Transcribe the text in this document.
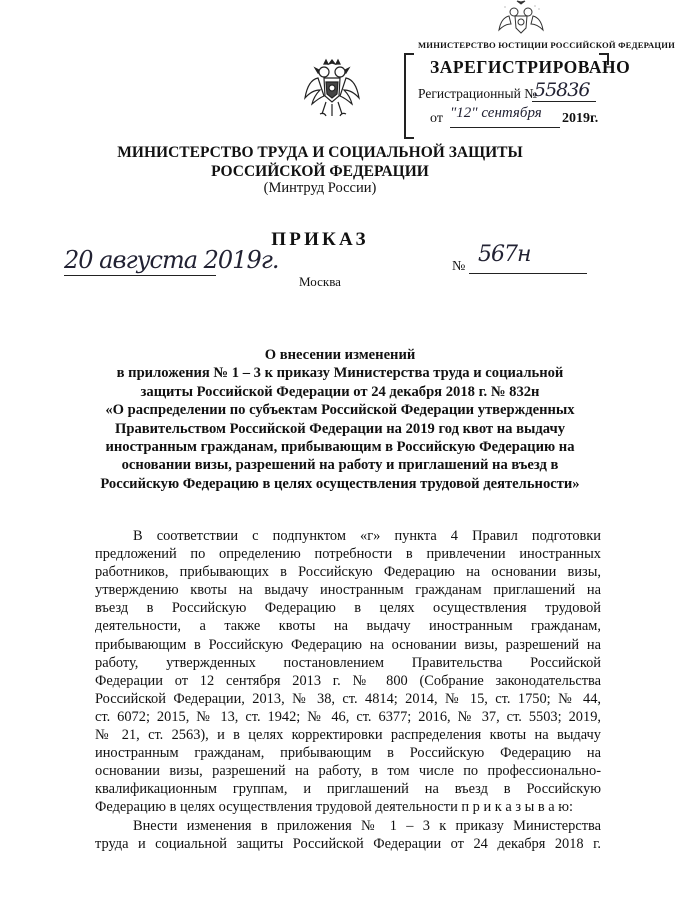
МИНИСТЕРСТВО ЮСТИЦИИ РОССИЙСКОЙ ФЕДЕРАЦИИ
ЗАРЕГИСТРИРОВАНО
Регистрационный №
55836
от "12" сентября 2019г.
МИНИСТЕРСТВО ТРУДА И СОЦИАЛЬНОЙ ЗАЩИТЫ
РОССИЙСКОЙ ФЕДЕРАЦИИ
(Минтруд России)
ПРИКАЗ
20 августа 2019г.	№ 567н
Москва
О внесении изменений
в приложения № 1 – 3 к приказу Министерства труда и социальной
защиты Российской Федерации от 24 декабря 2018 г. № 832н
«О распределении по субъектам Российской Федерации утвержденных
Правительством Российской Федерации на 2019 год квот на выдачу
иностранным гражданам, прибывающим в Российскую Федерацию на
основании визы, разрешений на работу и приглашений на въезд в
Российскую Федерацию в целях осуществления трудовой деятельности»
В соответствии с подпунктом «г» пункта 4 Правил подготовки
предложений по определению потребности в привлечении иностранных
работников, прибывающих в Российскую Федерацию на основании визы,
утверждению квоты на выдачу иностранным гражданам приглашений на
въезд в Российскую Федерацию в целях осуществления трудовой
деятельности, а также квоты на выдачу иностранным гражданам,
прибывающим в Российскую Федерацию на основании визы, разрешений на
работу, утвержденных постановлением Правительства Российской
Федерации от 12 сентября 2013 г. № 800 (Собрание законодательства
Российской Федерации, 2013, № 38, ст. 4814; 2014, № 15, ст. 1750; № 44,
ст. 6072; 2015, № 13, ст. 1942; № 46, ст. 6377; 2016, № 37, ст. 5503; 2019,
№ 21, ст. 2563), и в целях корректировки распределения квоты на выдачу
иностранным гражданам, прибывающим в Российскую Федерацию на
основании визы, разрешений на работу, в том числе по профессионально-
квалификационным группам, и приглашений на въезд в Российскую
Федерацию в целях осуществления трудовой деятельности п р и к а з ы в а ю:
Внести изменения в приложения № 1 – 3 к приказу Министерства
труда и социальной защиты Российской Федерации от 24 декабря 2018 г.
